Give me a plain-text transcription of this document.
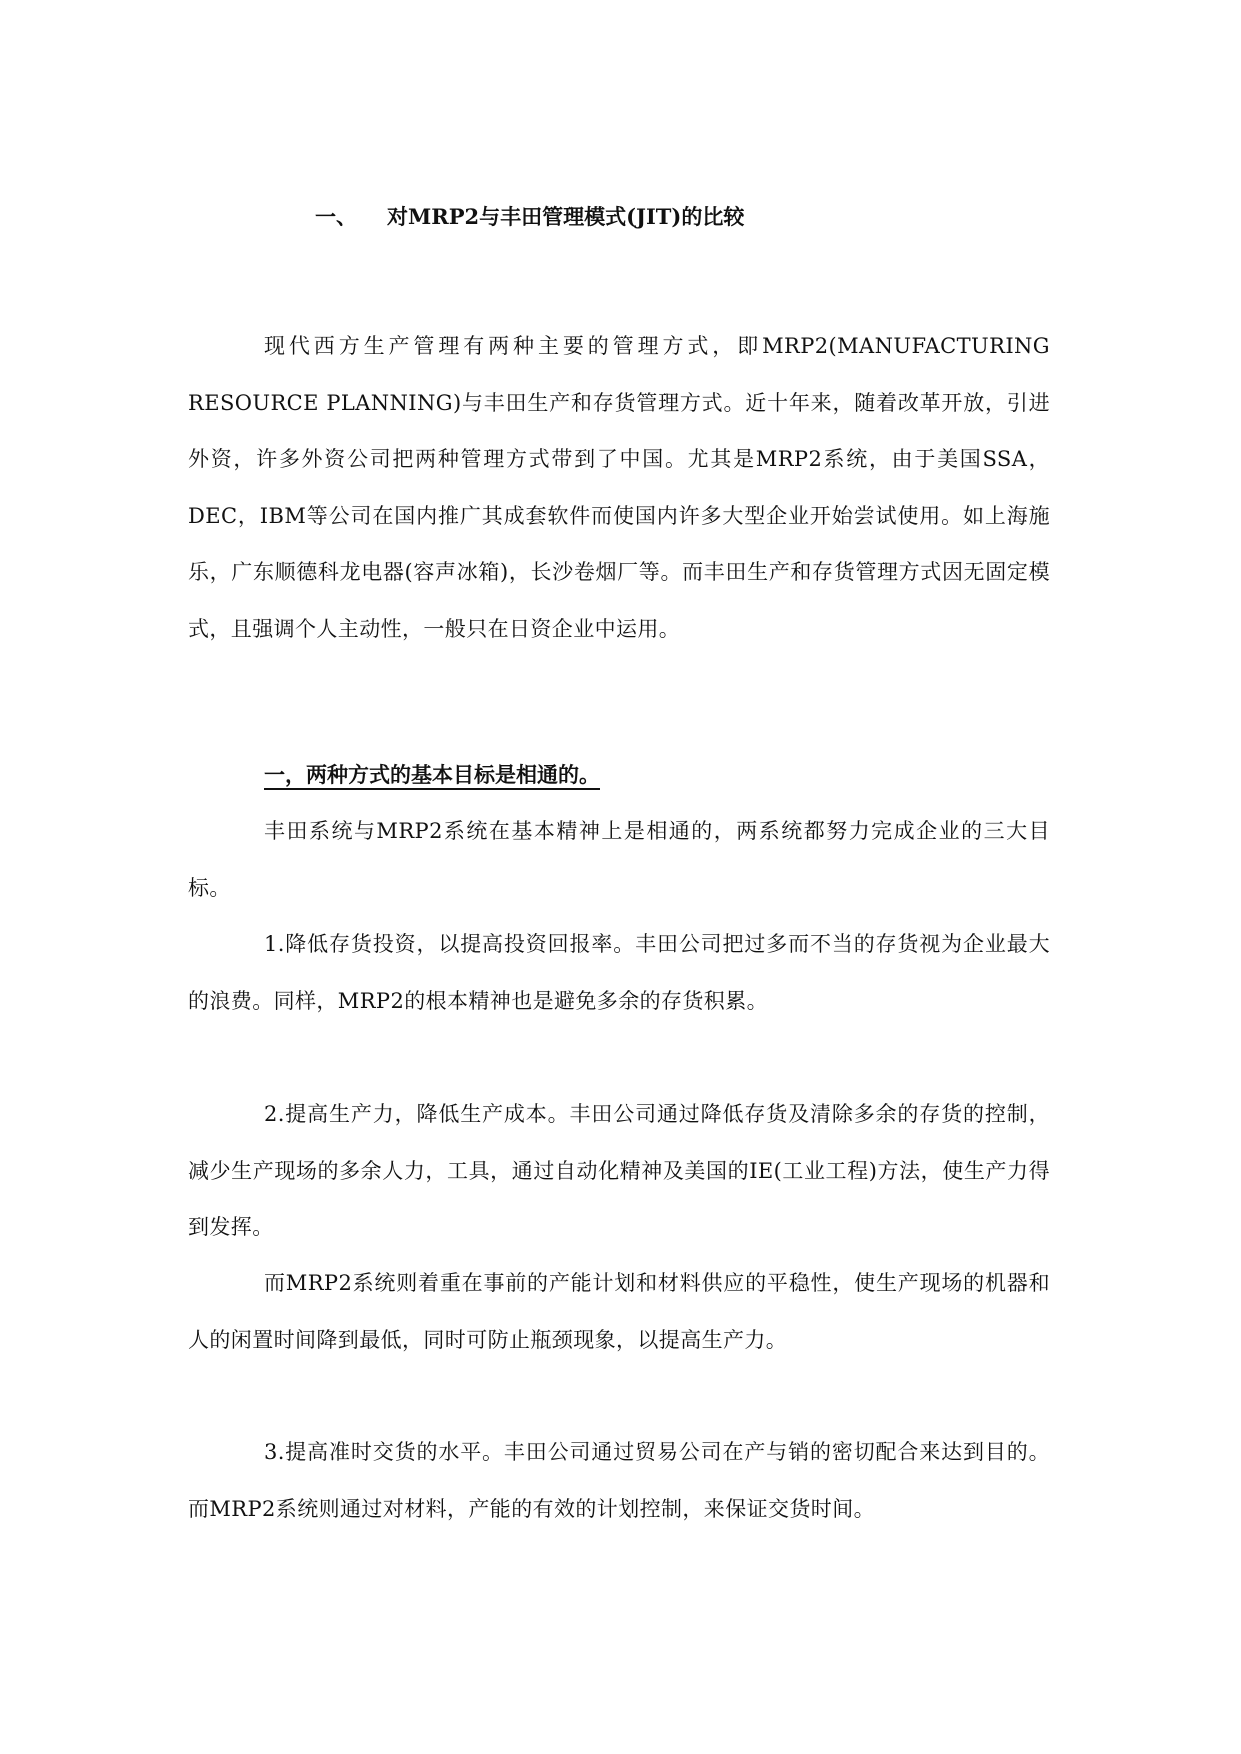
一、 对MRP2与丰田管理模式(JIT)的比较

现代西方生产管理有两种主要的管理方式，即MRP2(MANUFACTURING RESOURCE PLANNING)与丰田生产和存货管理方式。近十年来，随着改革开放，引进外资，许多外资公司把两种管理方式带到了中国。尤其是MRP2系统，由于美国SSA，DEC，IBM等公司在国内推广其成套软件而使国内许多大型企业开始尝试使用。如上海施乐，广东顺德科龙电器(容声冰箱)，长沙卷烟厂等。而丰田生产和存货管理方式因无固定模式，且强调个人主动性，一般只在日资企业中运用。

一，两种方式的基本目标是相通的。

丰田系统与MRP2系统在基本精神上是相通的，两系统都努力完成企业的三大目标。

1.降低存货投资，以提高投资回报率。丰田公司把过多而不当的存货视为企业最大的浪费。同样，MRP2的根本精神也是避免多余的存货积累。

2.提高生产力，降低生产成本。丰田公司通过降低存货及清除多余的存货的控制，减少生产现场的多余人力，工具，通过自动化精神及美国的IE(工业工程)方法，使生产力得到发挥。

而MRP2系统则着重在事前的产能计划和材料供应的平稳性，使生产现场的机器和人的闲置时间降到最低，同时可防止瓶颈现象，以提高生产力。

3.提高准时交货的水平。丰田公司通过贸易公司在产与销的密切配合来达到目的。而MRP2系统则通过对材料，产能的有效的计划控制，来保证交货时间。
